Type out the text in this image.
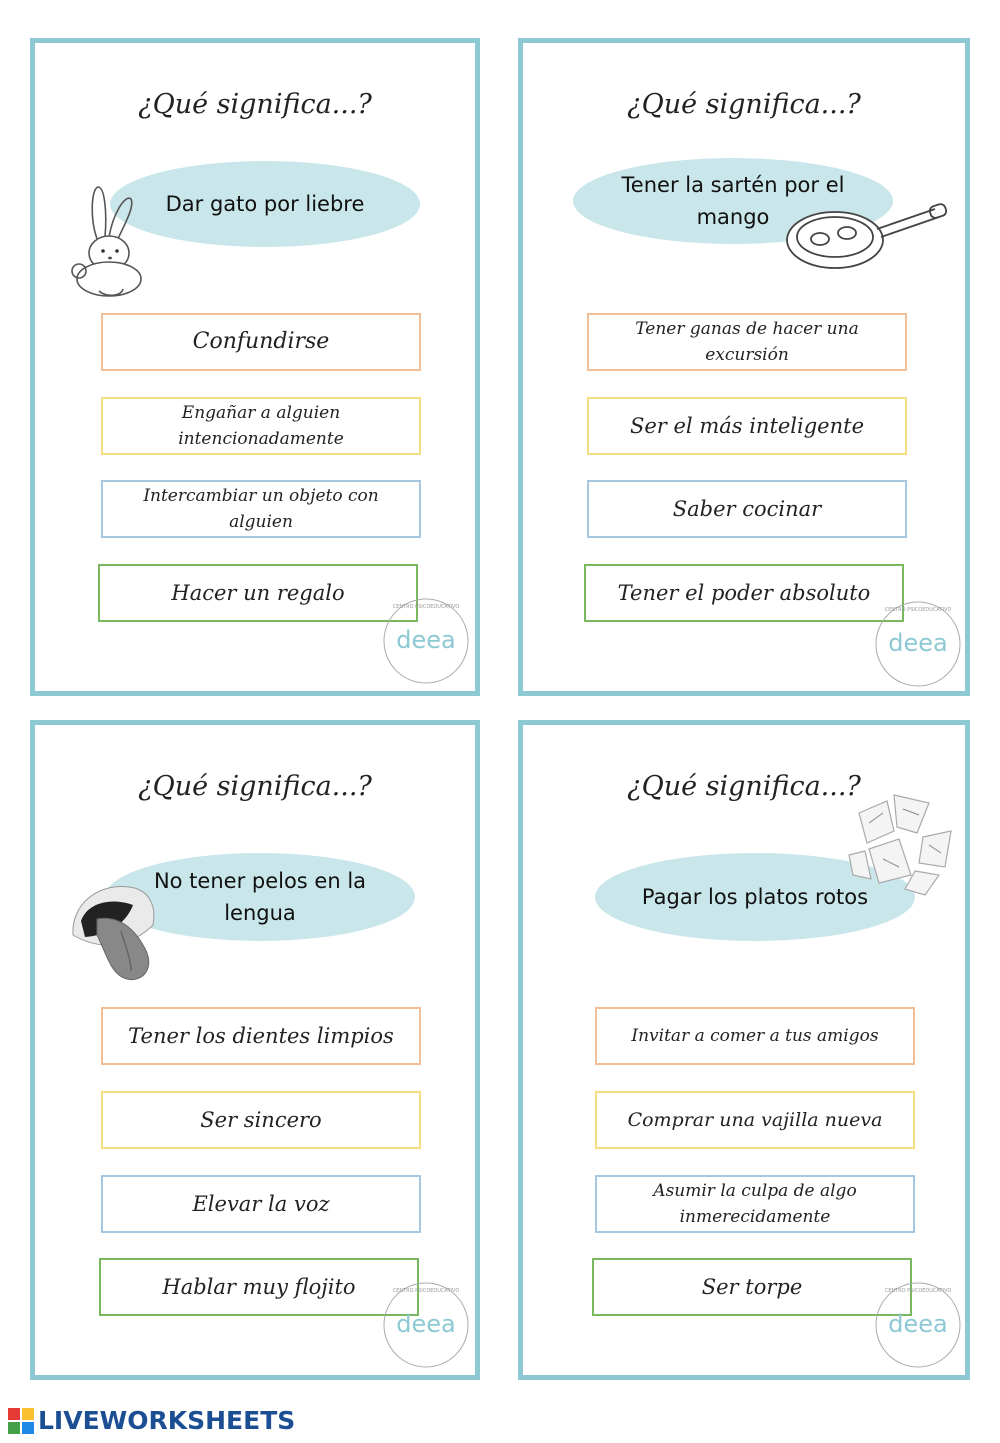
¿Qué significa...?
Dar gato por liebre
Confundirse
Engañar a alguien intencionadamente
Intercambiar un objeto con alguien
Hacer un regalo
deea
CENTRO PSICOEDUCATIVO
¿Qué significa...?
Tener la sartén por el mango
Tener ganas de hacer una excursión
Ser el más inteligente
Saber cocinar
Tener el poder absoluto
deea
CENTRO PSICOEDUCATIVO
¿Qué significa...?
No tener pelos en la lengua
Tener los dientes limpios
Ser sincero
Elevar la voz
Hablar muy flojito
deea
CENTRO PSICOEDUCATIVO
¿Qué significa...?
Pagar los platos rotos
Invitar a comer a tus amigos
Comprar una vajilla nueva
Asumir la culpa de algo inmerecidamente
Ser torpe
deea
CENTRO PSICOEDUCATIVO
LIVEWORKSHEETS
